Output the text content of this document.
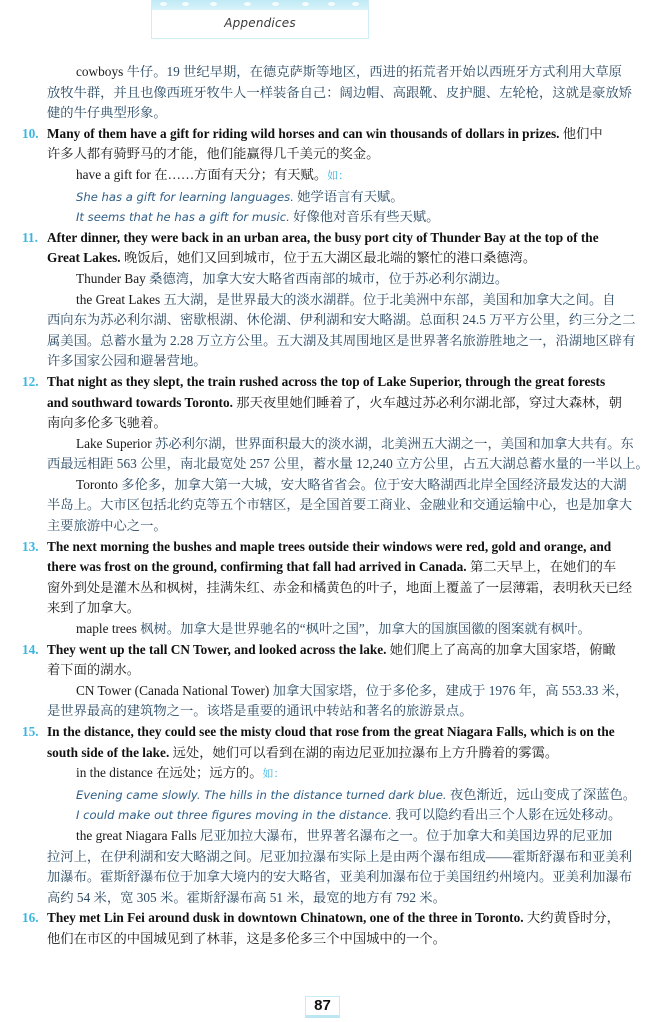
Appendices
cowboys 牛仔。19 世纪早期，在德克萨斯等地区，西进的拓荒者开始以西班牙方式利用大草原
放牧牛群，并且也像西班牙牧牛人一样装备自己：阔边帽、高跟靴、皮护腿、左轮枪，这就是豪放矫
健的牛仔典型形象。
10. Many of them have a gift for riding wild horses and can win thousands of dollars in prizes. 他们中
许多人都有骑野马的才能，他们能赢得几千美元的奖金。
have a gift for 在……方面有天分；有天赋。如：
She has a gift for learning languages. 她学语言有天赋。
It seems that he has a gift for music. 好像他对音乐有些天赋。
11. After dinner, they were back in an urban area, the busy port city of Thunder Bay at the top of the
Great Lakes. 晚饭后，她们又回到城市，位于五大湖区最北端的繁忙的港口桑德湾。
Thunder Bay 桑德湾，加拿大安大略省西南部的城市，位于苏必利尔湖边。
the Great Lakes 五大湖，是世界最大的淡水湖群。位于北美洲中东部，美国和加拿大之间。自
西向东为苏必利尔湖、密歇根湖、休伦湖、伊利湖和安大略湖。总面积 24.5 万平方公里，约三分之二
属美国。总蓄水量为 2.28 万立方公里。五大湖及其周围地区是世界著名旅游胜地之一，沿湖地区辟有
许多国家公园和避暑营地。
12. That night as they slept, the train rushed across the top of Lake Superior, through the great forests
and southward towards Toronto. 那天夜里她们睡着了，火车越过苏必利尔湖北部，穿过大森林，朝
南向多伦多飞驰着。
Lake Superior 苏必利尔湖，世界面积最大的淡水湖，北美洲五大湖之一，美国和加拿大共有。东
西最远相距 563 公里，南北最宽处 257 公里，蓄水量 12,240 立方公里，占五大湖总蓄水量的一半以上。
Toronto 多伦多，加拿大第一大城，安大略省省会。位于安大略湖西北岸全国经济最发达的大湖
半岛上。大市区包括北约克等五个市辖区，是全国首要工商业、金融业和交通运输中心，也是加拿大
主要旅游中心之一。
13. The next morning the bushes and maple trees outside their windows were red, gold and orange, and
there was frost on the ground, confirming that fall had arrived in Canada. 第二天早上，在她们的车
窗外到处是灌木丛和枫树，挂满朱红、赤金和橘黄色的叶子，地面上覆盖了一层薄霜，表明秋天已经
来到了加拿大。
maple trees 枫树。加拿大是世界驰名的“枫叶之国”，加拿大的国旗国徽的图案就有枫叶。
14. They went up the tall CN Tower, and looked across the lake. 她们爬上了高高的加拿大国家塔，俯瞰
着下面的湖水。
CN Tower (Canada National Tower) 加拿大国家塔，位于多伦多，建成于 1976 年，高 553.33 米，
是世界最高的建筑物之一。该塔是重要的通讯中转站和著名的旅游景点。
15. In the distance, they could see the misty cloud that rose from the great Niagara Falls, which is on the
south side of the lake. 远处，她们可以看到在湖的南边尼亚加拉瀑布上方升腾着的雾霭。
in the distance 在远处；远方的。如：
Evening came slowly. The hills in the distance turned dark blue. 夜色渐近，远山变成了深蓝色。
I could make out three figures moving in the distance. 我可以隐约看出三个人影在远处移动。
the great Niagara Falls 尼亚加拉大瀑布，世界著名瀑布之一。位于加拿大和美国边界的尼亚加
拉河上，在伊利湖和安大略湖之间。尼亚加拉瀑布实际上是由两个瀑布组成——霍斯舒瀑布和亚美利
加瀑布。霍斯舒瀑布位于加拿大境内的安大略省，亚美利加瀑布位于美国纽约州境内。亚美利加瀑布
高约 54 米，宽 305 米。霍斯舒瀑布高 51 米，最宽的地方有 792 米。
16. They met Lin Fei around dusk in downtown Chinatown, one of the three in Toronto. 大约黄昏时分，
他们在市区的中国城见到了林菲，这是多伦多三个中国城中的一个。
87
